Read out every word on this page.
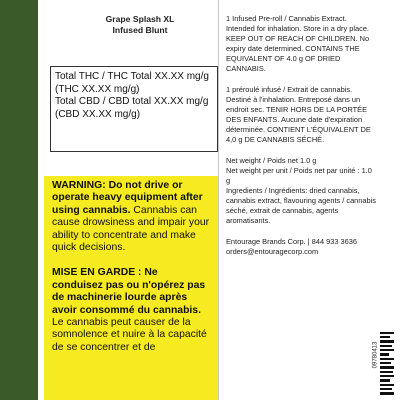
Grape Splash XL
Infused Blunt

Total THC / THC Total XX.XX mg/g

(THC XX.XX mg/g)

Total CBD / CBD total XX.XX mg/g

(CBD XX.XX mg/g)

WARNING: Do not drive or operate heavy equipment after using cannabis. Cannabis can cause drowsiness and impair your ability to concentrate and make quick decisions.

MISE EN GARDE : Ne conduisez pas ou n'opérez pas de machinerie lourde après avoir consommé du cannabis. Le cannabis peut causer de la somnolence et nuire à la capacité de se concentrer et de

1 Infused Pre-roll / Cannabis Extract. Intended for inhalation. Store in a dry place. KEEP OUT OF REACH OF CHILDREN. No expiry date determined. CONTAINS THE EQUIVALENT OF 4.0 g OF DRIED CANNABIS.

1 préroulé infusé / Extrait de cannabis. Destiné à l'inhalation. Entreposé dans un endroit sec. TENIR HORS DE LA PORTÉE DES ENFANTS. Aucune date d'expiration déterminée. CONTIENT L'ÉQUIVALENT DE 4,0 g DE CANNABIS SÉCHÉ.

Net weight / Poids net 1.0 g

Net weight per unit / Poids net par unité : 1.0 g

Ingredients / Ingrédients: dried cannabis, cannabis extract, flavouring agents / cannabis séché, extrait de cannabis, agents aromatisants.

Entourage Brands Corp. | 844 933 3636

orders@entouragecorp.com

09780413
